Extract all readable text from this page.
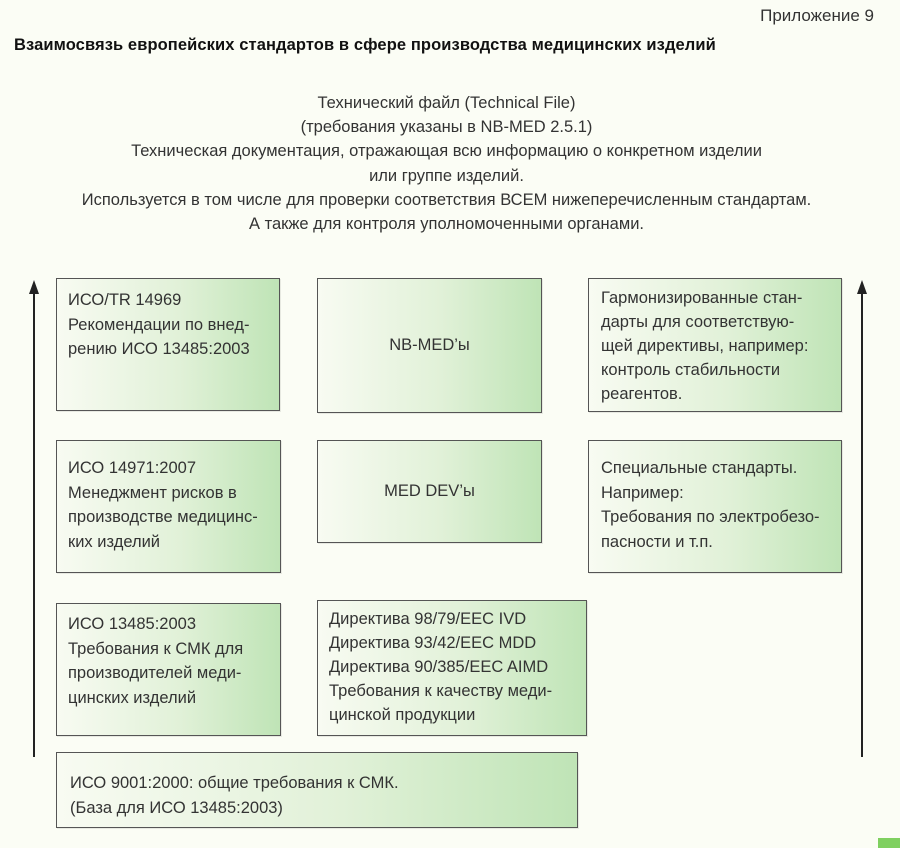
Приложение 9
Взаимосвязь европейских стандартов в сфере производства медицинских изделий
Технический файл (Technical File)
(требования указаны в NB-MED 2.5.1)
Техническая документация, отражающая всю информацию о конкретном изделии
или группе изделий.
Используется в том числе для проверки соответствия ВСЕМ нижеперечисленным стандартам.
А также для контроля уполномоченными органами.
ИСО/TR 14969
Рекомендации по внед-
рению ИСО 13485:2003	NB-MED’ы
Гармонизированные стан-
дарты для соответствую-
щей директивы, например:
контроль стабильности
реагентов.
ИСО 14971:2007
Менеджмент рисков в
производстве медицинс-
ких изделий
MED DEV’ы
Специальные стандарты.
Например:
Требования по электробезо-
пасности и т.п.
ИСО 13485:2003
Требования к СМК для
производителей меди-
цинских изделий
Директива 98/79/EEC IVD
Директива 93/42/EEC MDD
Директива 90/385/EEC AIMD
Требования к качеству меди-
цинской продукции
ИСО 9001:2000: общие требования к СМК.
(База для ИСО 13485:2003)
